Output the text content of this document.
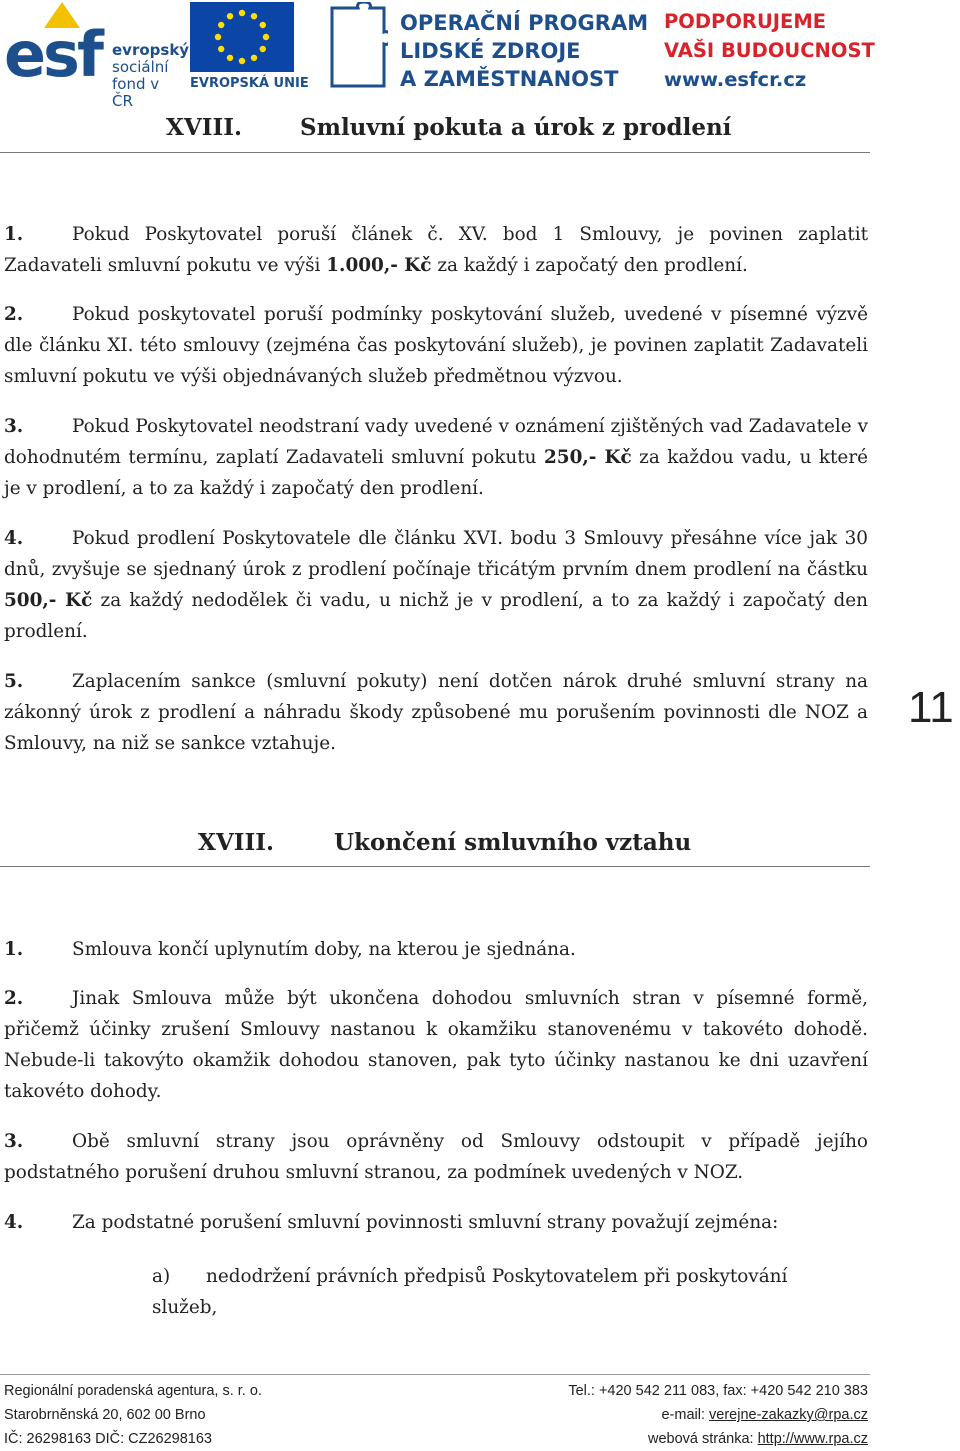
esf evropský
sociální
fond v ČR
EVROPSKÁ UNIE
OPERAČNÍ PROGRAM
LIDSKÉ ZDROJE
A ZAMĚSTNANOST
PODPORUJEME
VAŠI BUDOUCNOST
www.esfcr.cz
XVIII.	Smluvní pokuta a úrok z prodlení
1.	Pokud Poskytovatel poruší článek č. XV. bod 1 Smlouvy, je povinen zaplatit Zadavateli smluvní pokutu ve výši 1.000,- Kč za každý i započatý den prodlení.
2.	Pokud poskytovatel poruší podmínky poskytování služeb, uvedené v písemné výzvě dle článku XI. této smlouvy (zejména čas poskytování služeb), je povinen zaplatit Zadavateli smluvní pokutu ve výši objednávaných služeb předmětnou výzvou.
3.	Pokud Poskytovatel neodstraní vady uvedené v oznámení zjištěných vad Zadavatele v dohodnutém termínu, zaplatí Zadavateli smluvní pokutu 250,- Kč za každou vadu, u které je v prodlení, a to za každý i započatý den prodlení.
4.	Pokud prodlení Poskytovatele dle článku XVI. bodu 3 Smlouvy přesáhne více jak 30 dnů, zvyšuje se sjednaný úrok z prodlení počínaje třicátým prvním dnem prodlení na částku 500,- Kč za každý nedodělek či vadu, u nichž je v prodlení, a to za každý i započatý den prodlení.
5.	Zaplacením sankce (smluvní pokuty) není dotčen nárok druhé smluvní strany na zákonný úrok z prodlení a náhradu škody způsobené mu porušením povinnosti dle NOZ a Smlouvy, na niž se sankce vztahuje.
11
XVIII.	Ukončení smluvního vztahu
1.	Smlouva končí uplynutím doby, na kterou je sjednána.
2.	Jinak Smlouva může být ukončena dohodou smluvních stran v písemné formě, přičemž účinky zrušení Smlouvy nastanou k okamžiku stanovenému v takovéto dohodě. Nebude-li takovýto okamžik dohodou stanoven, pak tyto účinky nastanou ke dni uzavření takovéto dohody.
3.	Obě smluvní strany jsou oprávněny od Smlouvy odstoupit v případě jejího podstatného porušení druhou smluvní stranou, za podmínek uvedených v NOZ.
4.	Za podstatné porušení smluvní povinnosti smluvní strany považují zejména:
a) nedodržení právních předpisů Poskytovatelem při poskytování
služeb,
Regionální poradenská agentura, s. r. o.
Starobrněnská 20, 602 00 Brno
IČ: 26298163 DIČ: CZ26298163
Tel.: +420 542 211 083, fax: +420 542 210 383
e-mail: verejne-zakazky@rpa.cz
webová stránka: http://www.rpa.cz
